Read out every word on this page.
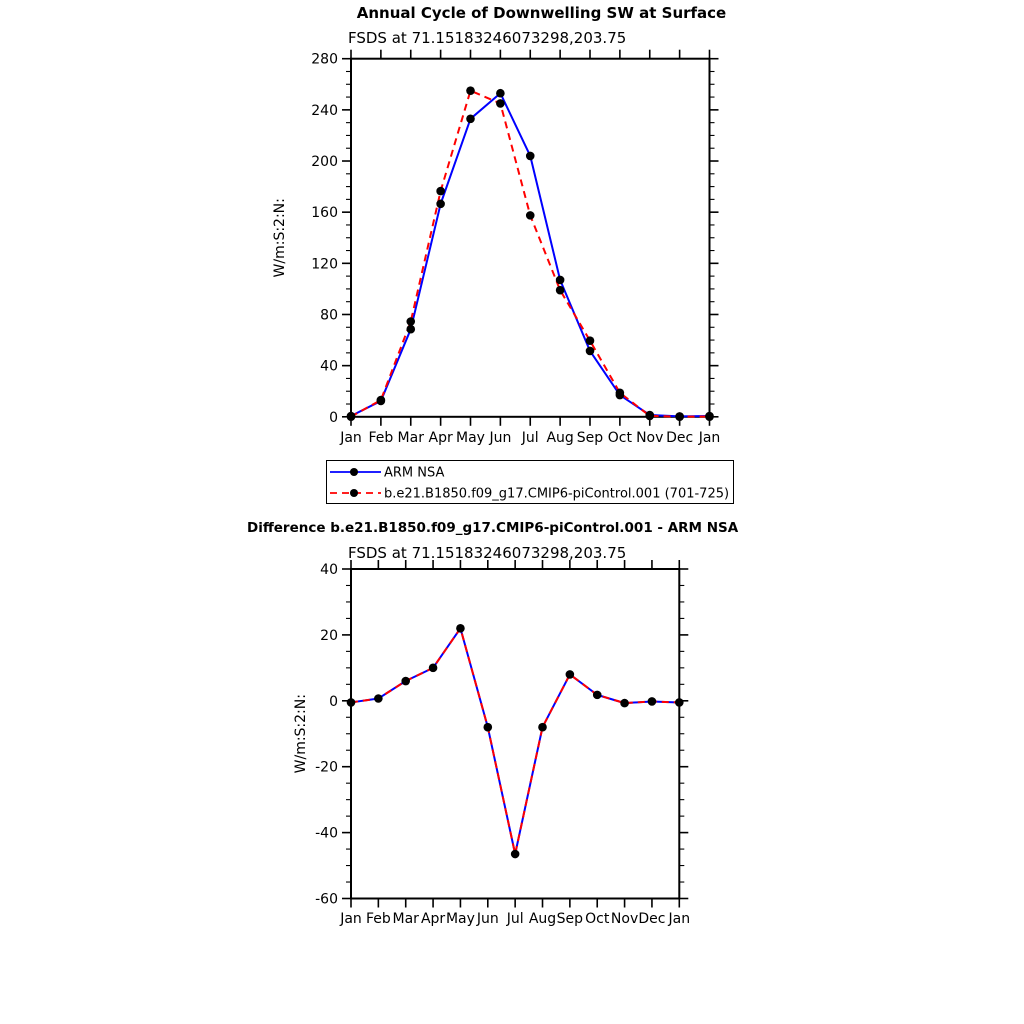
Annual Cycle of Downwelling SW at Surface
FSDS at 71.15183246073298,203.75
Difference b.e21.B1850.f09_g17.CMIP6-piControl.001 - ARM NSA
FSDS at 71.15183246073298,203.75
Jan Feb Mar Apr May Jun Jul Aug Sep Oct Nov Dec Jan
0
40
80
120
160
200
240
280
W/m:S:2:N:
Jan Feb Mar Apr May Jun Jul Aug Sep Oct Nov Dec Jan
-60
-40
-20
0
20
40
W/m:S:2:N:
ARM NSA
b.e21.B1850.f09_g17.CMIP6-piControl.001 (701-725)
